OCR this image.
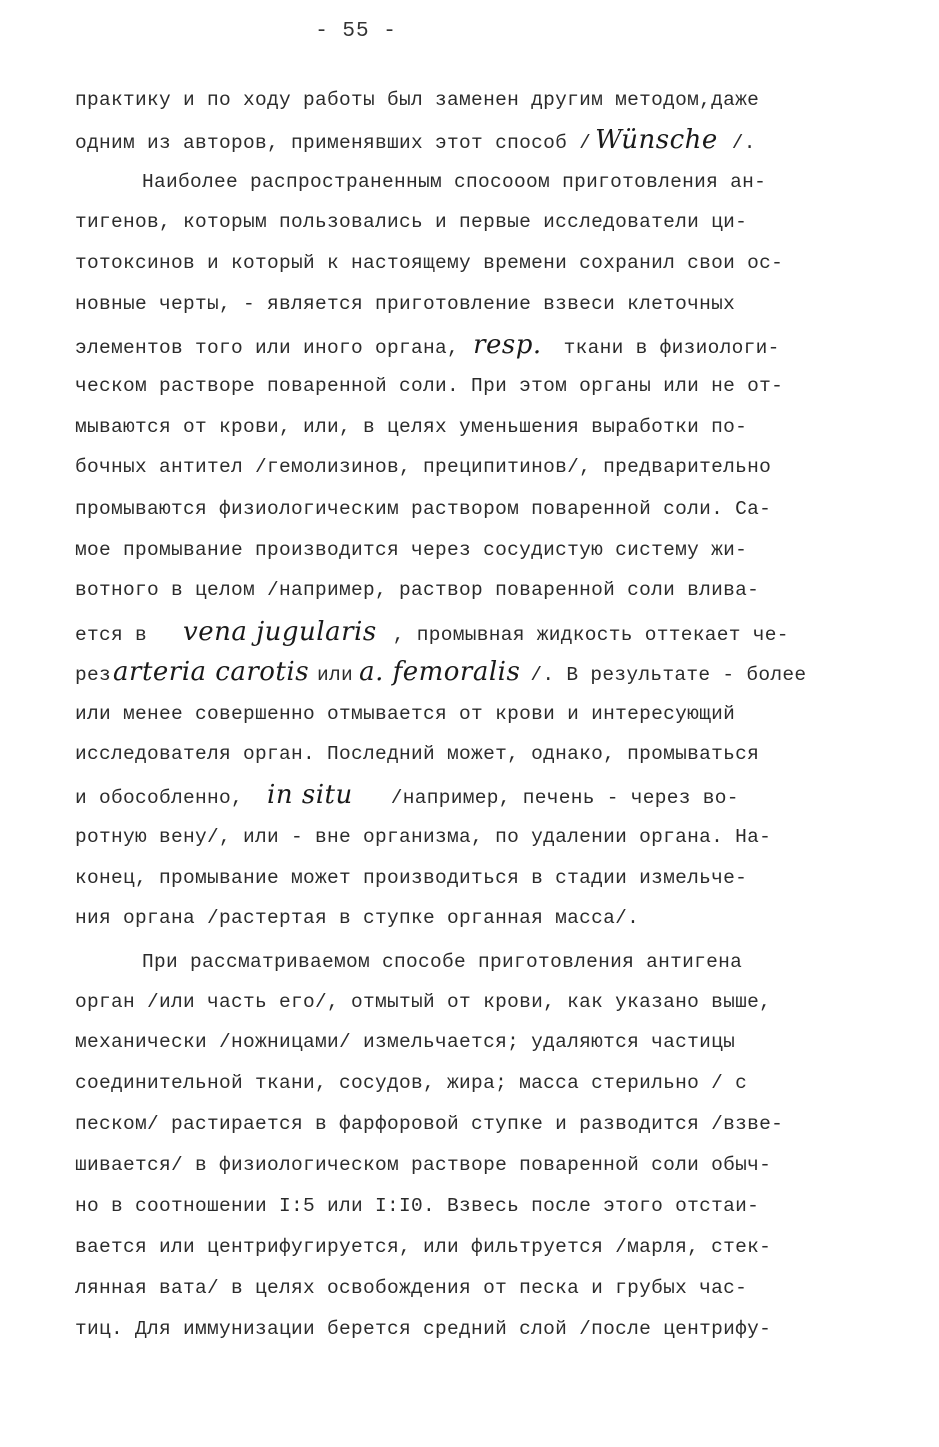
- 55 -
практику и по ходу работы был заменен другим методом,даже
одним из авторов, применявших этот способ / Wünsche /.
Наиболее распространенным спосооом приготовления ан-
тигенов, которым пользовались и первые исследователи ци-
тотоксинов и который к настоящему времени сохранил свои ос-
новные черты, - является приготовление взвеси клеточных
элементов того или иного органа, resp. ткани в физиологи-
ческом растворе поваренной соли. При этом органы или не от-
мываются от крови, или, в целях уменьшения выработки по-
бочных антител /гемолизинов, преципитинов/, предварительно
промываются физиологическим раствором поваренной соли. Са-
мое промывание производится через сосудистую систему жи-
вотного в целом /например, раствор поваренной соли влива-
ется в vena jugularis , промывная жидкость оттекает че-
резarteria carotis или a. femoralis /. В результате - более
или менее совершенно отмывается от крови и интересующий
исследователя орган. Последний может, однако, промываться
и обособленно, in situ /например, печень - через во-
ротную вену/, или - вне организма, по удалении органа. На-
конец, промывание может производиться в стадии измельче-
ния органа /растертая в ступке органная масса/.
При рассматриваемом способе приготовления антигена
орган /или часть его/, отмытый от крови, как указано выше,
механически /ножницами/ измельчается; удаляются частицы
соединительной ткани, сосудов, жира; масса стерильно / с
песком/ растирается в фарфоровой ступке и разводится /взве-
шивается/ в физиологическом растворе поваренной соли обыч-
но в соотношении I:5 или I:I0. Взвесь после этого отстаи-
вается или центрифугируется, или фильтруется /марля, стек-
лянная вата/ в целях освобождения от песка и грубых час-
тиц. Для иммунизации берется средний слой /после центрифу-
